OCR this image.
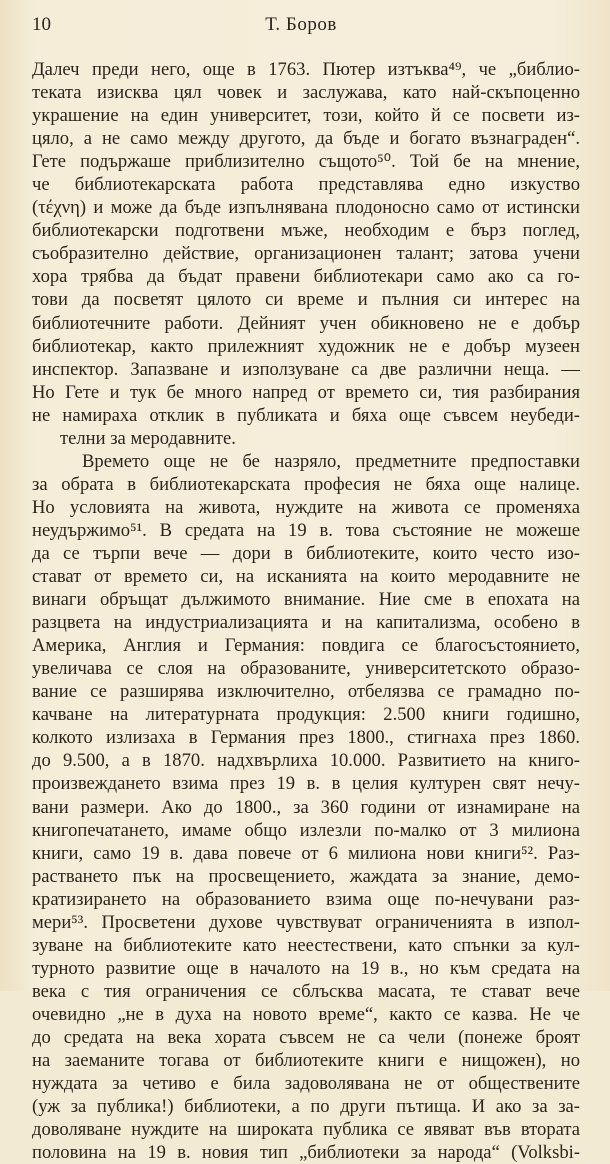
10	Т. Боров
Далеч преди него, още в 1763. Пютер изтъква⁴⁹, че „библио-
теката изисква цял човек и заслужава, като най-скъпоценно
украшение на един университет, този, който й се посвети из-
цяло, а не само между другото, да бъде и богато възнаграден“.
Гете подържаше приблизително същото⁵⁰. Той бе на мнение,
че библиотекарската работа представлява едно изкуство
(τέχνη) и може да бъде изпълнявана плодоносно само от истински
библиотекарски подготвени мъже, необходим е бърз поглед,
съобразително действие, организационен талант; затова учени
хора трябва да бъдат правени библиотекари само ако са го-
тови да посветят цялото си време и пълния си интерес на
библиотечните работи. Дейният учен обикновено не е добър
библиотекар, както прилежният художник не е добър музеен
инспектор. Запазване и използуване са две различни неща. —
Но Гете и тук бе много напред от времето си, тия разбирания
не намираха отклик в публиката и бяха още съвсем неубеди-
телни за меродавните.
Времето още не бе назряло, предметните предпоставки
за обрата в библиотекарската професия не бяха още налице.
Но условията на живота, нуждите на живота се променяха
неудържимо⁵¹. В средата на 19 в. това състояние не можеше
да се търпи вече — дори в библиотеките, които често изо-
стават от времето си, на исканията на които меродавните не
винаги обръщат дължимото внимание. Ние сме в епохата на
разцвета на индустриализацията и на капитализма, особено в
Америка, Англия и Германия: повдига се благосъстоянието,
увеличава се слоя на образованите, университетското образо-
вание се разширява изключително, отбелязва се грамадно по-
качване на литературната продукция: 2.500 книги годишно,
колкото излизаха в Германия през 1800., стигнаха през 1860.
до 9.500, а в 1870. надхвърлиха 10.000. Развитието на книго-
произвеждането взима през 19 в. в целия културен свят нечу-
вани размери. Ако до 1800., за 360 години от изнамиране на
книгопечатането, имаме общо излезли по-малко от 3 милиона
книги, само 19 в. дава повече от 6 милиона нови книги⁵². Раз-
растването пък на просвещението, жаждата за знание, демо-
кратизирането на образованието взима още по-нечувани раз-
мери⁵³. Просветени духове чувствуват ограниченията в изпол-
зуване на библиотеките като неестествени, като спънки за кул-
турното развитие още в началото на 19 в., но към средата на
века с тия ограничения се сблъсква масата, те стават вече
очевидно „не в духа на новото време“, както се казва. Не че
до средата на века хората съвсем не са чели (понеже броят
на заеманите тогава от библиотеките книги е нищожен), но
нуждата за четиво е била задоволявана не от обществените
(уж за публика!) библиотеки, а по други пътища. И ако за за-
доволяване нуждите на широката публика се явяват във втората
половина на 19 в. новия тип „библиотеки за народа“ (Volksbi-
